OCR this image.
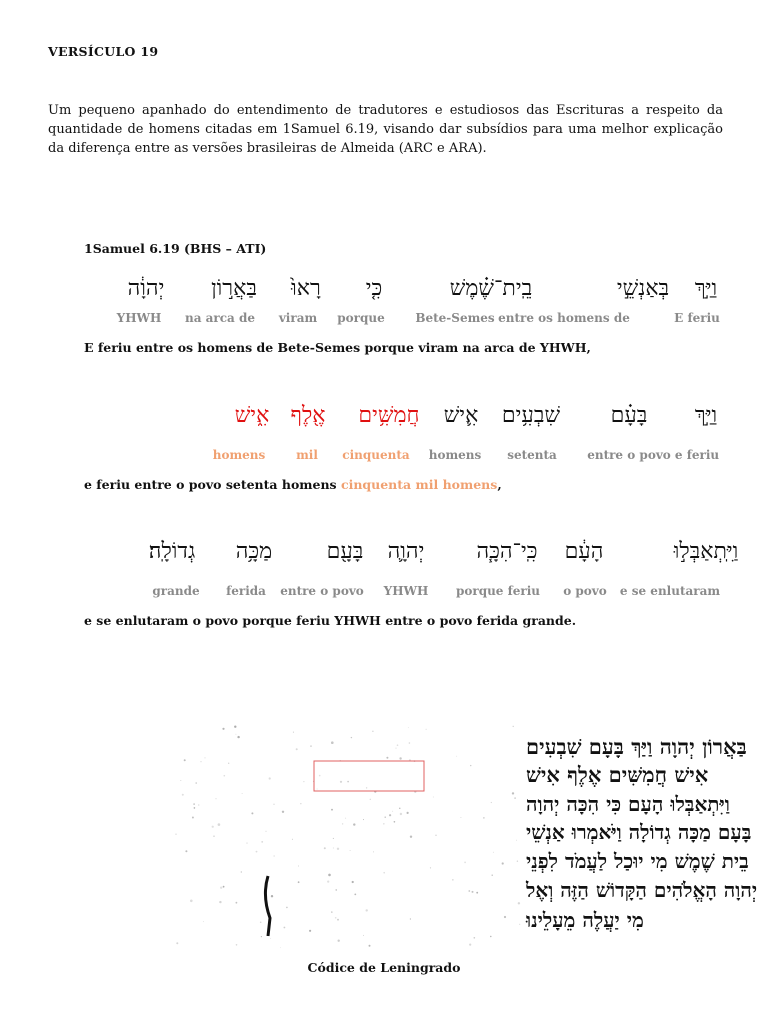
VERSÍCULO 19
Um pequeno apanhado do entendimento de tradutores e estudiosos das Escrituras a respeito da quantidade de homens citadas em 1Samuel 6.19, visando dar subsídios para uma melhor explicação da diferença entre as versões brasileiras de Almeida (ARC e ARA).
1Samuel 6.19 (BHS – ATI)
וַיַּ֣ךְ
בְּאַנְשֵׁ֣י
בֵֽית־שֶׁ֗מֶשׁ
כִּ֤י
רָאוּ֙
בַּאֲר֣וֹן
יְהוָ֔ה
E feriu
entre os homens de
Bete-Semes
porque
viram
na arca de
YHWH
E feriu entre os homens de Bete-Semes porque viram na arca de YHWH,
וַיַּ֣ךְ
בָּעָ֗ם
שִׁבְעִ֥ים
אִ֛ישׁ
חֲמִשִּׁ֥ים
אֶ֖לֶף
אִ֑ישׁ
e feriu
entre o povo
setenta
homens
cinquenta
mil
homens
e feriu entre o povo setenta homens cinquenta mil homens,
וַיִּֽתְאַבְּל֣וּ
הָעָ֔ם
כִּֽי־הִכָּ֧ה
יְהוָ֛ה
בָּעָ֖ם
מַכָּ֥ה
גְדוֹלָֽה׃
e se enlutaram
o povo
porque feriu
YHWH
entre o povo
ferida
grande
e se enlutaram o povo porque feriu YHWH entre o povo ferida grande.
בַּאֲרוֹן יְהוָה וַיַּךְ בָּעָם שִׁבְעִים
אִישׁ חֲמִשִּׁים אֶלֶף אִישׁ
וַיִּתְאַבְּלוּ הָעָם כִּי הִכָּה יְהוָה
בָּעָם מַכָּה גְדוֹלָה וַיֹּאמְרוּ אַנְשֵׁי
בֵית שֶׁמֶשׁ מִי יוּכַל לַעֲמֹד לִפְנֵי
יְהוָה הָאֱלֹהִים הַקָּדוֹשׁ הַזֶּה וְאֶל
מִי יַעֲלֶה מֵעָלֵינוּ
Códice de Leningrado
